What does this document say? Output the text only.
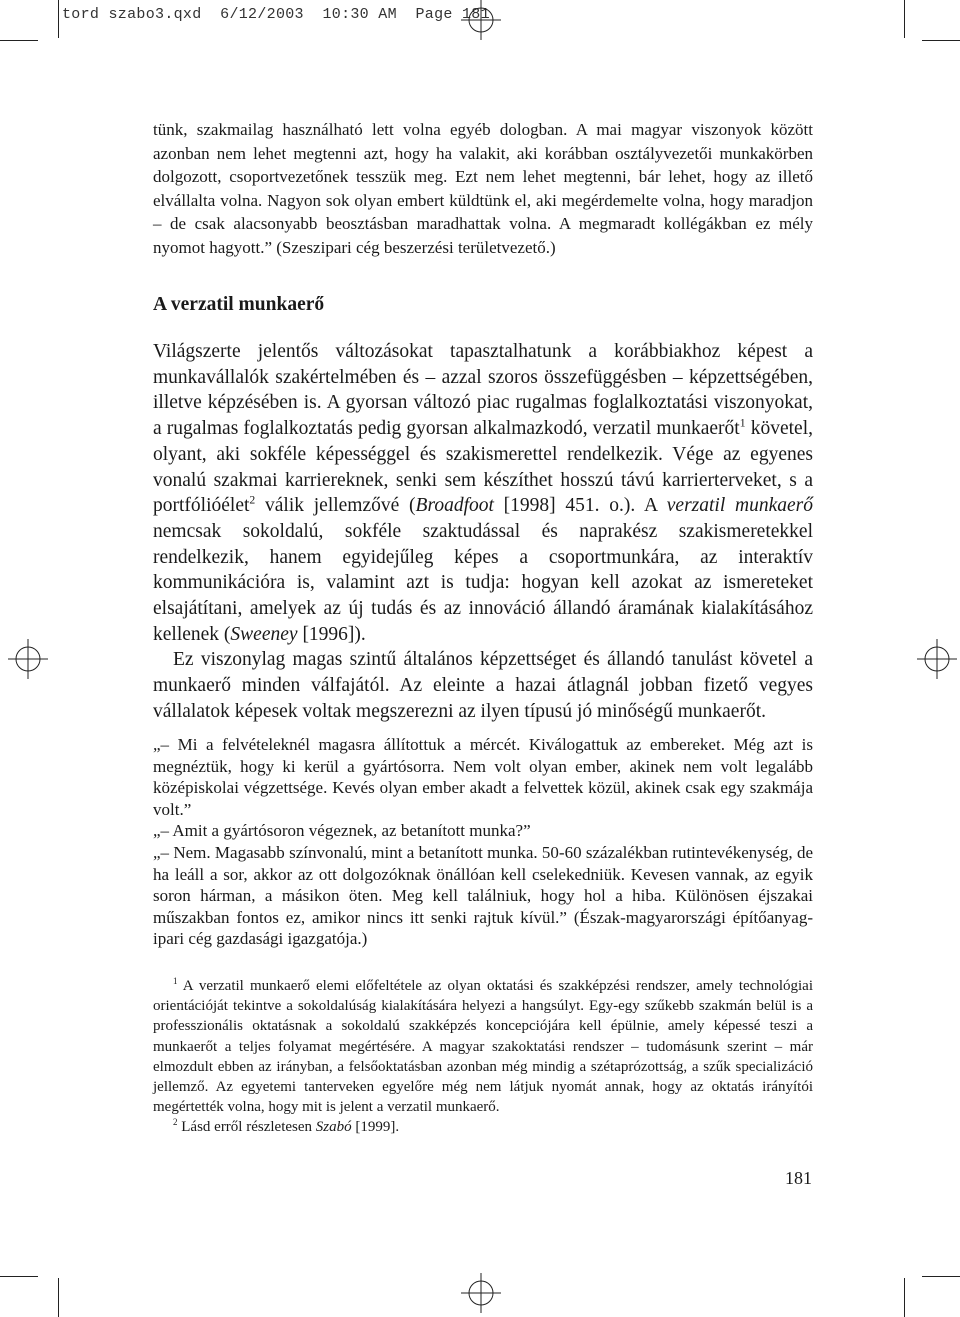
tord szabo3.qxd 6/12/2003 10:30 AM Page 181

tünk, szakmailag használható lett volna egyéb dologban. A mai magyar viszonyok között azonban nem lehet megtenni azt, hogy ha valakit, aki korábban osztályvezetői munkakörben dolgozott, csoportvezetőnek tesszük meg. Ezt nem lehet megtenni, bár lehet, hogy az illető elvállalta volna. Nagyon sok olyan embert küldtünk el, aki megérdemelte volna, hogy maradjon – de csak alacsonyabb beosztásban maradhattak volna. A megmaradt kollégákban ez mély nyomot hagyott.” (Szeszipari cég beszerzési területvezető.)

A verzatil munkaerő

Világszerte jelentős változásokat tapasztalhatunk a korábbiakhoz képest a munkavállalók szakértelmében és – azzal szoros összefüggésben – képzettségében, illetve képzésében is. A gyorsan változó piac rugalmas foglalkoztatási viszonyokat, a rugalmas foglalkoztatás pedig gyorsan alkalmazkodó, verzatil munkaerőt$^1$ követel, olyant, aki sokféle képességgel és szakismerettel rendelkezik. Vége az egyenes vonalú szakmai karriereknek, senki sem készíthet hosszú távú karrierterveket, s a portfólióélet$^2$ válik jellemzővé (Broadfoot [1998] 451. o.). A verzatil munkaerő nemcsak sokoldalú, sokféle szaktudással és naprakész szakismeretekkel rendelkezik, hanem egyidejűleg képes a csoportmunkára, az interaktív kommunikációra is, valamint azt is tudja: hogyan kell azokat az ismereteket elsajátítani, amelyek az új tudás és az innováció állandó áramának kialakításához kellenek (Sweeney [1996]).

Ez viszonylag magas szintű általános képzettséget és állandó tanulást követel a munkaerő minden válfajától. Az eleinte a hazai átlagnál jobban fizető vegyes vállalatok képesek voltak megszerezni az ilyen típusú jó minőségű munkaerőt.

„– Mi a felvételeknél magasra állítottuk a mércét. Kiválogattuk az embereket. Még azt is megnéztük, hogy ki kerül a gyártósorra. Nem volt olyan ember, akinek nem volt legalább középiskolai végzettsége. Kevés olyan ember akadt a felvettek közül, akinek csak egy szakmája volt.”

„– Amit a gyártósoron végeznek, az betanított munka?”

„– Nem. Magasabb színvonalú, mint a betanított munka. 50-60 százalékban rutintevékenység, de ha leáll a sor, akkor az ott dolgozóknak önállóan kell cselekedniük. Kevesen vannak, az egyik soron hárman, a másikon öten. Meg kell találniuk, hogy hol a hiba. Különösen éjszakai műszakban fontos ez, amikor nincs itt senki rajtuk kívül.” (Észak-magyarországi építőanyag-ipari cég gazdasági igazgatója.)

$^1$ A verzatil munkaerő elemi előfeltétele az olyan oktatási és szakképzési rendszer, amely technológiai orientációját tekintve a sokoldalúság kialakítására helyezi a hangsúlyt. Egy-egy szűkebb szakmán belül is a professzionális oktatásnak a sokoldalú szakképzés koncepciójára kell épülnie, amely képessé teszi a munkaerőt a teljes folyamat megértésére. A magyar szakoktatási rendszer – tudomásunk szerint – már elmozdult ebben az irányban, a felsőoktatásban azonban még mindig a szétaprózottság, a szűk specializáció jellemző. Az egyetemi tanterveken egyelőre még nem látjuk nyomát annak, hogy az oktatás irányítói megértették volna, hogy mit is jelent a verzatil munkaerő.

$^2$ Lásd erről részletesen Szabó [1999].

181
